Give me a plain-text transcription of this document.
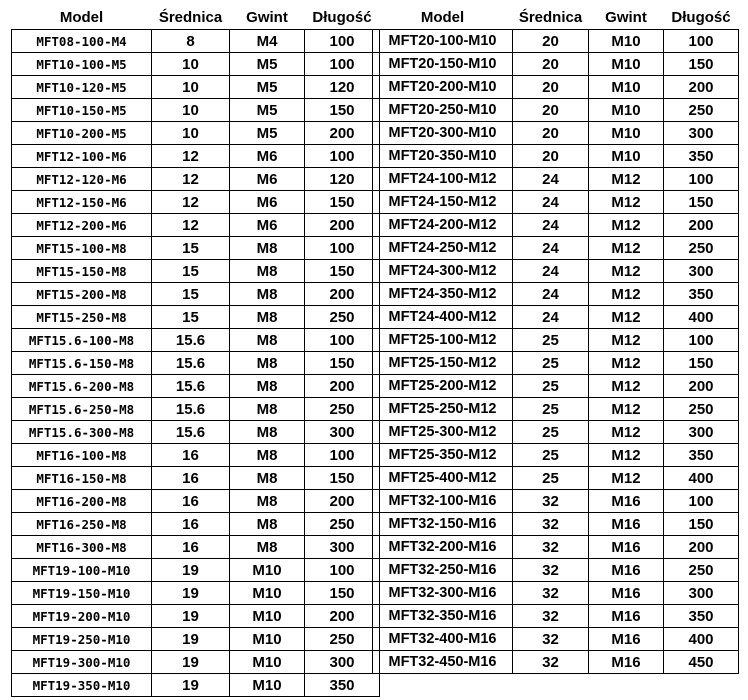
Model	Średnica	Gwint	Długość
MFT08-100-M4	8	M4	100
MFT10-100-M5	10	M5	100
MFT10-120-M5	10	M5	120
MFT10-150-M5	10	M5	150
MFT10-200-M5	10	M5	200
MFT12-100-M6	12	M6	100
MFT12-120-M6	12	M6	120
MFT12-150-M6	12	M6	150
MFT12-200-M6	12	M6	200
MFT15-100-M8	15	M8	100
MFT15-150-M8	15	M8	150
MFT15-200-M8	15	M8	200
MFT15-250-M8	15	M8	250
MFT15.6-100-M8	15.6	M8	100
MFT15.6-150-M8	15.6	M8	150
MFT15.6-200-M8	15.6	M8	200
MFT15.6-250-M8	15.6	M8	250
MFT15.6-300-M8	15.6	M8	300
MFT16-100-M8	16	M8	100
MFT16-150-M8	16	M8	150
MFT16-200-M8	16	M8	200
MFT16-250-M8	16	M8	250
MFT16-300-M8	16	M8	300
MFT19-100-M10	19	M10	100
MFT19-150-M10	19	M10	150
MFT19-200-M10	19	M10	200
MFT19-250-M10	19	M10	250
MFT19-300-M10	19	M10	300
MFT19-350-M10	19	M10	350
Model	Średnica	Gwint	Długość
MFT20-100-M10	20	M10	100
MFT20-150-M10	20	M10	150
MFT20-200-M10	20	M10	200
MFT20-250-M10	20	M10	250
MFT20-300-M10	20	M10	300
MFT20-350-M10	20	M10	350
MFT24-100-M12	24	M12	100
MFT24-150-M12	24	M12	150
MFT24-200-M12	24	M12	200
MFT24-250-M12	24	M12	250
MFT24-300-M12	24	M12	300
MFT24-350-M12	24	M12	350
MFT24-400-M12	24	M12	400
MFT25-100-M12	25	M12	100
MFT25-150-M12	25	M12	150
MFT25-200-M12	25	M12	200
MFT25-250-M12	25	M12	250
MFT25-300-M12	25	M12	300
MFT25-350-M12	25	M12	350
MFT25-400-M12	25	M12	400
MFT32-100-M16	32	M16	100
MFT32-150-M16	32	M16	150
MFT32-200-M16	32	M16	200
MFT32-250-M16	32	M16	250
MFT32-300-M16	32	M16	300
MFT32-350-M16	32	M16	350
MFT32-400-M16	32	M16	400
MFT32-450-M16	32	M16	450
